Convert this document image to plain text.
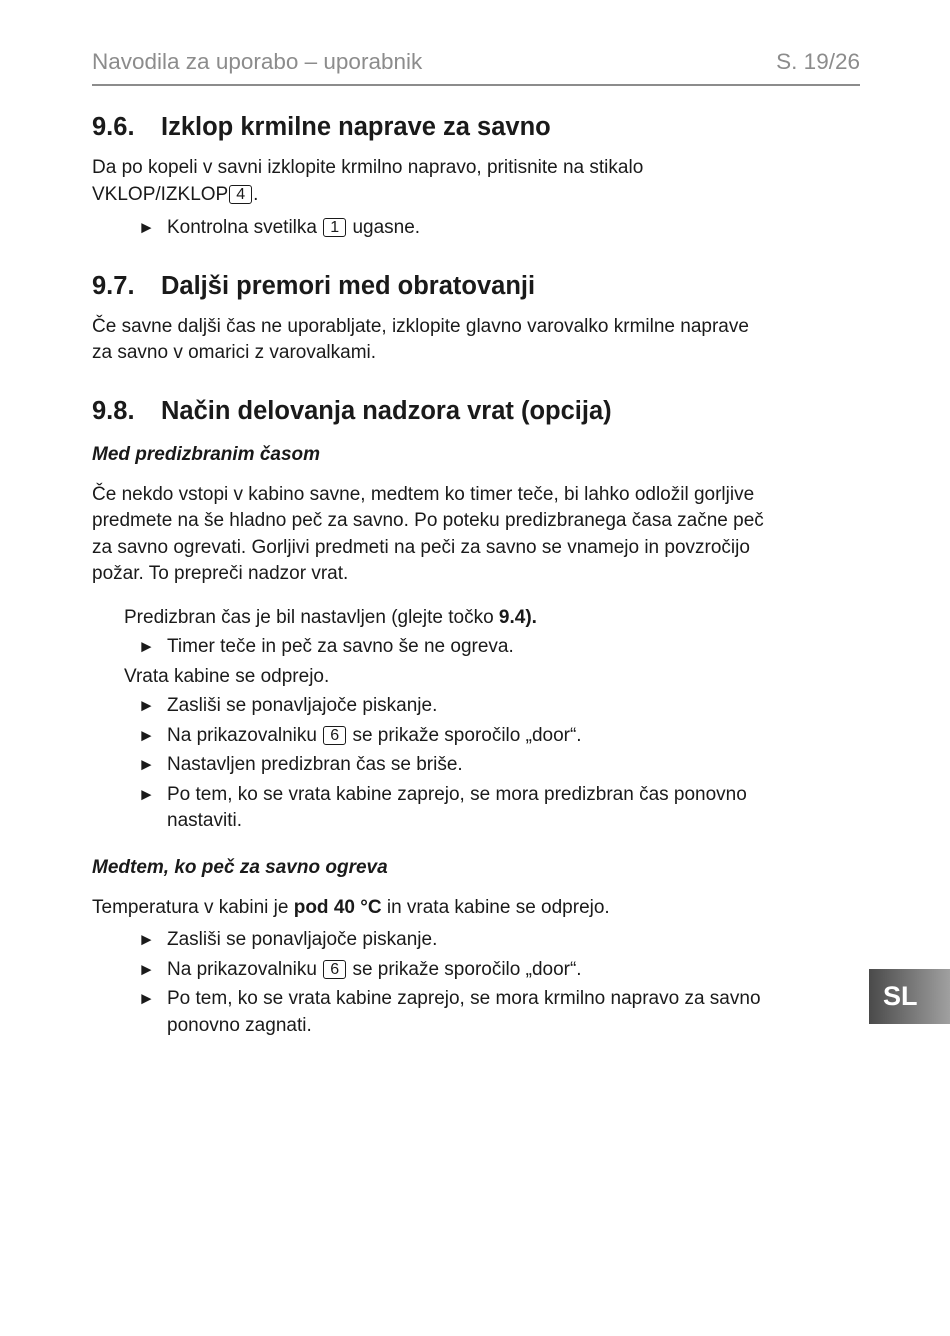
Navodila za uporabo – uporabnik	S. 19/26
9.6.	Izklop krmilne naprave za savno

Da po kopeli v savni izklopite krmilno napravo, pritisnite na stikalo

VKLOP/IZKLOP 4 .

► Kontrolna svetilka 1 ugasne.

9.7.	Daljši premori med obratovanji

Če savne daljši čas ne uporabljate, izklopite glavno varovalko krmilne naprave

za savno v omarici z varovalkami.

9.8.	Način delovanja nadzora vrat (opcija)

Med predizbranim časom

Če nekdo vstopi v kabino savne, medtem ko timer teče, bi lahko odložil gorljive

predmete na še hladno peč za savno. Po poteku predizbranega časa začne peč

za savno ogrevati. Gorljivi predmeti na peči za savno se vnamejo in povzročijo

požar. To prepreči nadzor vrat.

Predizbran čas je bil nastavljen (glejte točko 9.4).

► Timer teče in peč za savno še ne ogreva.

Vrata kabine se odprejo.

► Zasliši se ponavljajoče piskanje.

► Na prikazovalniku 6 se prikaže sporočilo „door“.

► Nastavljen predizbran čas se briše.

► Po tem, ko se vrata kabine zaprejo, se mora predizbran čas ponovno
nastaviti.

Medtem, ko peč za savno ogreva

Temperatura v kabini je pod 40 °C in vrata kabine se odprejo.

► Zasliši se ponavljajoče piskanje.

► Na prikazovalniku 6 se prikaže sporočilo „door“.

► Po tem, ko se vrata kabine zaprejo, se mora krmilno napravo za savno
ponovno zagnati.

SL
